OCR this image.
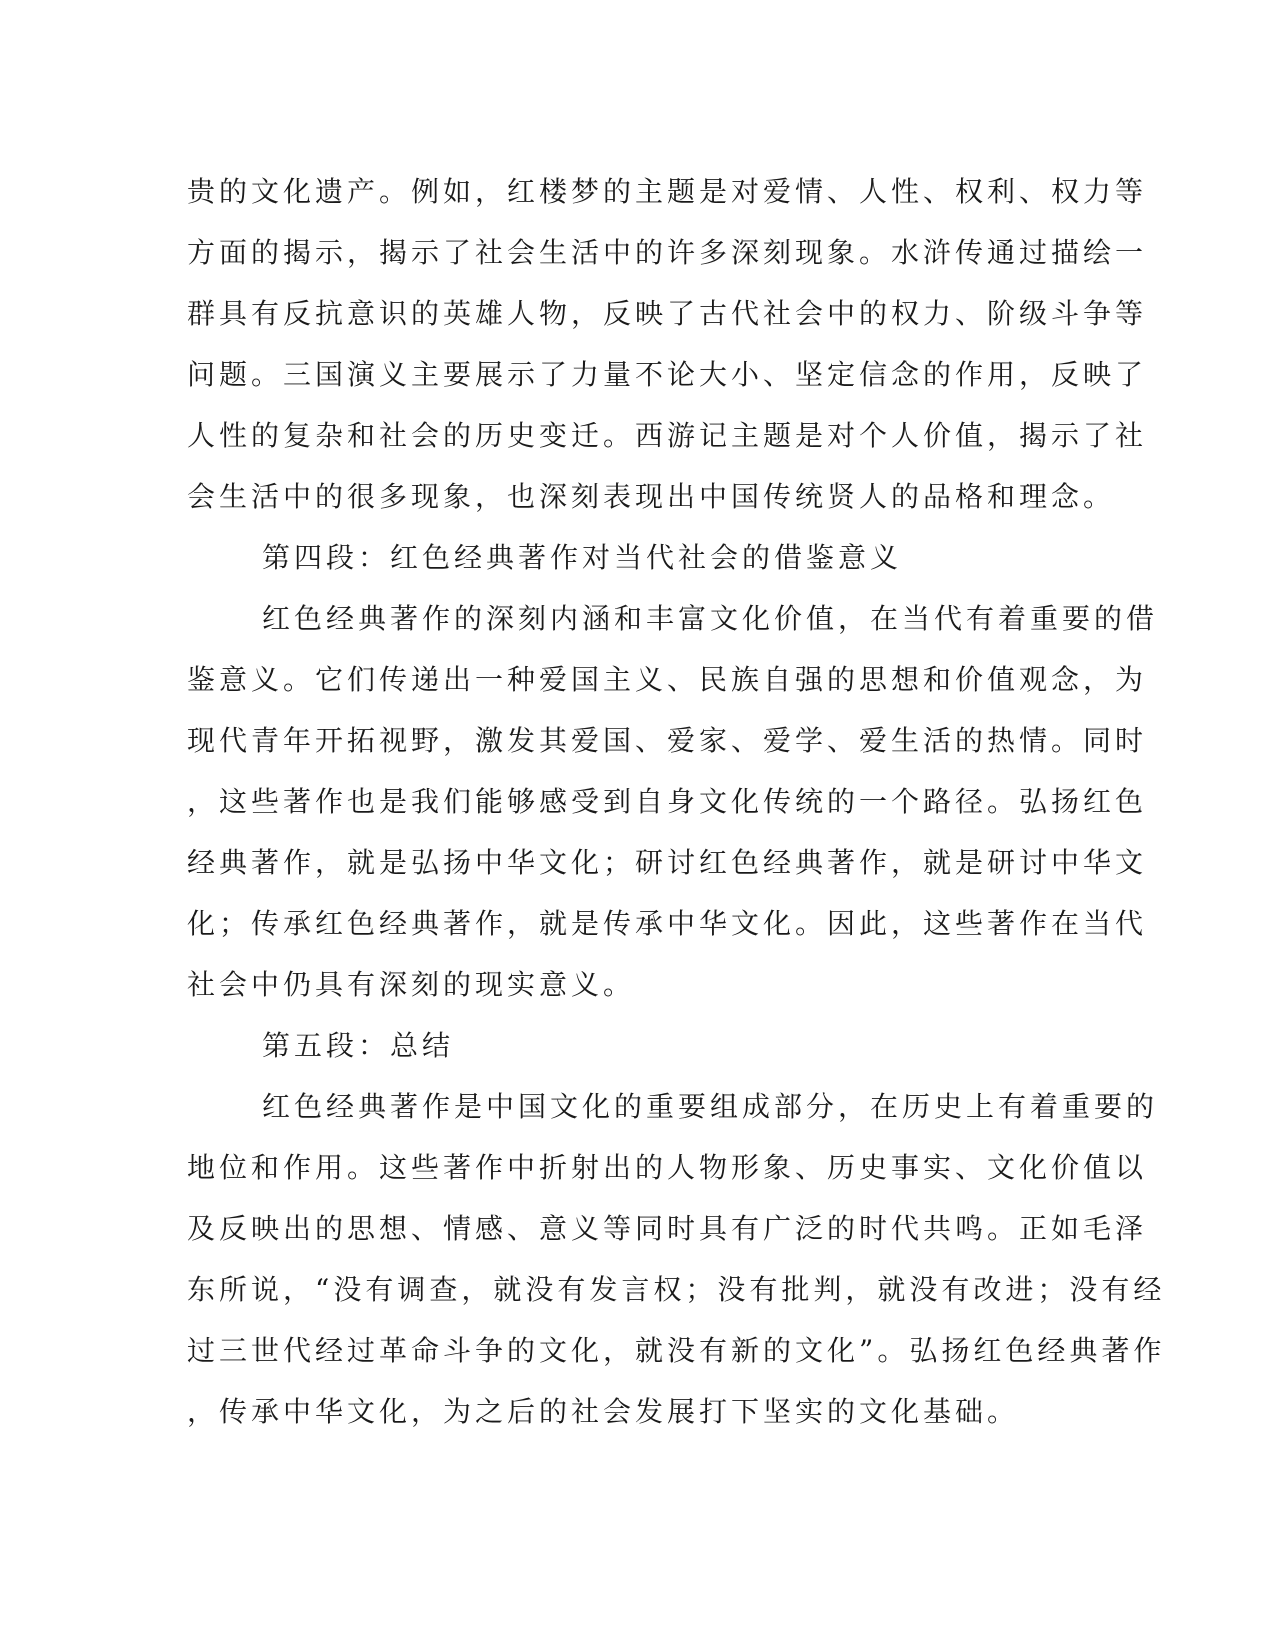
贵的文化遗产。例如，红楼梦的主题是对爱情、人性、权利、权力等
方面的揭示，揭示了社会生活中的许多深刻现象。水浒传通过描绘一
群具有反抗意识的英雄人物，反映了古代社会中的权力、阶级斗争等
问题。三国演义主要展示了力量不论大小、坚定信念的作用，反映了
人性的复杂和社会的历史变迁。西游记主题是对个人价值，揭示了社
会生活中的很多现象，也深刻表现出中国传统贤人的品格和理念。
第四段：红色经典著作对当代社会的借鉴意义
红色经典著作的深刻内涵和丰富文化价值，在当代有着重要的借
鉴意义。它们传递出一种爱国主义、民族自强的思想和价值观念，为
现代青年开拓视野，激发其爱国、爱家、爱学、爱生活的热情。同时
，这些著作也是我们能够感受到自身文化传统的一个路径。弘扬红色
经典著作，就是弘扬中华文化；研讨红色经典著作，就是研讨中华文
化；传承红色经典著作，就是传承中华文化。因此，这些著作在当代
社会中仍具有深刻的现实意义。
第五段：总结
红色经典著作是中国文化的重要组成部分，在历史上有着重要的
地位和作用。这些著作中折射出的人物形象、历史事实、文化价值以
及反映出的思想、情感、意义等同时具有广泛的时代共鸣。正如毛泽
东所说，“没有调查，就没有发言权；没有批判，就没有改进；没有经
过三世代经过革命斗争的文化，就没有新的文化”。弘扬红色经典著作
，传承中华文化，为之后的社会发展打下坚实的文化基础。
